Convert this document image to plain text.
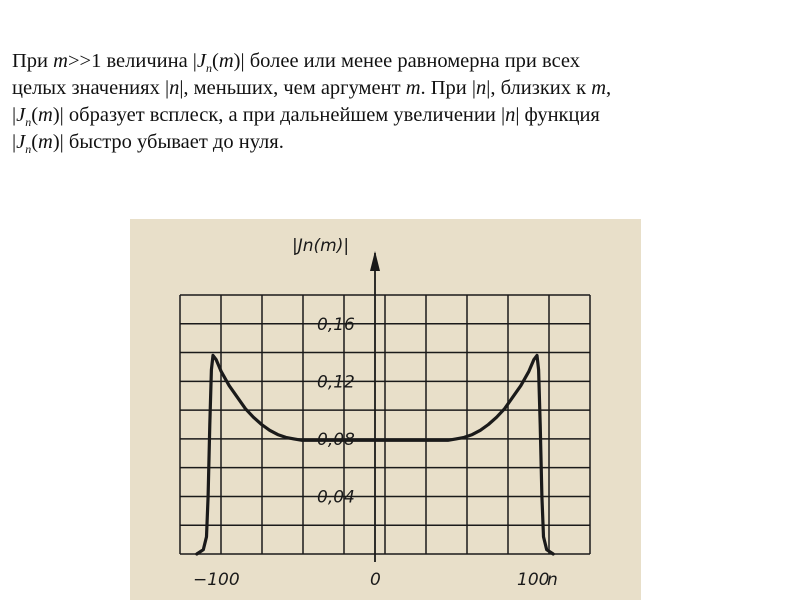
При m>>1 величина $|J_n(m)|$ более или менее равномерна при всех

целых значениях |n|, меньших, чем аргумент m. При |n|, близких к m,

$|J_n(m)|$ образует всплеск, а при дальнейшем увеличении |n| функция

$|J_n(m)|$ быстро убывает до нуля.

0,16
0,12
0,08
0,04
−100	0	100
|Jn(m)|
n
